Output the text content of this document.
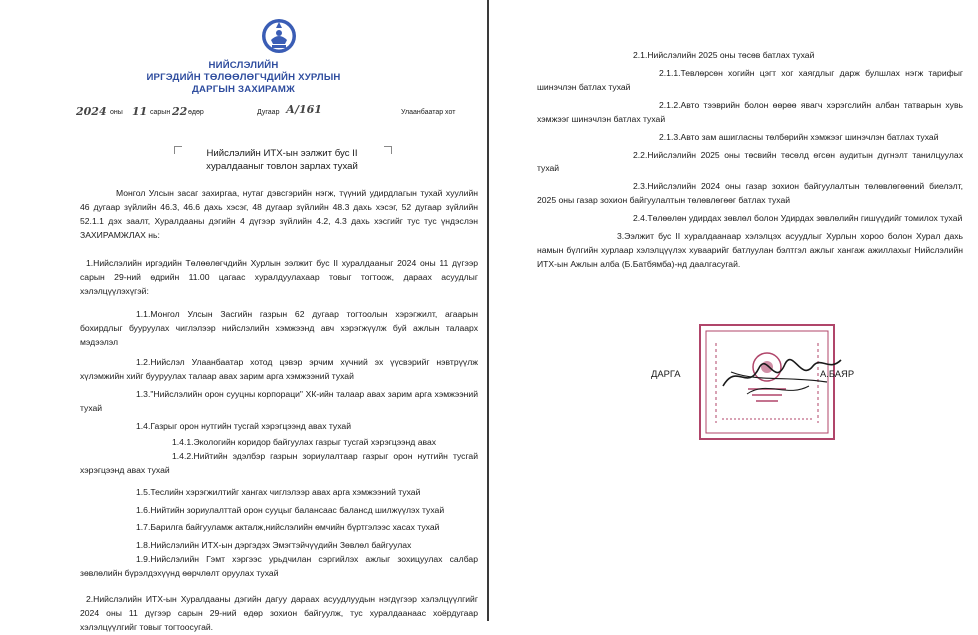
НИЙСЛЭЛИЙН
ИРГЭДИЙН ТӨЛӨӨЛӨГЧДИЙН ХУРЛЫН
ДАРГЫН ЗАХИРАМЖ
2024 оны 11 сарын 22 өдөр	Дугаар А/161	Улаанбаатар хот
Нийслэлийн ИТХ-ын ээлжит бус II
хуралдааныг товлон зарлах тухай
Монгол Улсын засаг захиргаа, нутаг дэвсгэрийн нэгж, түүний удирдлагын тухай хуулийн 46 дугаар зүйлийн 46.3, 46.6 дахь хэсэг, 48 дугаар зүйлийн 48.3 дахь хэсэг, 52 дугаар зүйлийн 52.1.1 дэх заалт, Хуралдааны дэгийн 4 дүгээр зүйлийн 4.2, 4.3 дахь хэсгийг тус тус үндэслэн ЗАХИРАМЖЛАХ нь:
1.Нийслэлийн иргэдийн Төлөөлөгчдийн Хурлын ээлжит бус II хуралдааныг 2024 оны 11 дүгээр сарын 29-ний өдрийн 11.00 цагаас хуралдуулахаар товыг тогтоож, дараах асуудлыг хэлэлцүүлэхүгэй:
1.1.Монгол Улсын Засгийн газрын 62 дугаар тогтоолын хэрэгжилт, агаарын бохирдлыг бууруулах чиглэлээр нийслэлийн хэмжээнд авч хэрэгжүүлж буй ажлын талаарх мэдээлэл
1.2.Нийслэл Улаанбаатар хотод цэвэр эрчим хүчний эх үүсвэрийг нэвтрүүлж хүлэмжийн хийг бууруулах талаар авах зарим арга хэмжээний тухай
1.3."Нийслэлийн орон сууцны корпораци" ХК-ийн талаар авах зарим арга хэмжээний тухай
1.4.Газрыг орон нутгийн тусгай хэрэгцээнд авах тухай
1.4.1.Экологийн коридор байгуулах газрыг тусгай хэрэгцээнд авах
1.4.2.Нийтийн эдэлбэр газрын зориулалтаар газрыг орон нутгийн тусгай хэрэгцээнд авах тухай
1.5.Теслийн хэрэгжилтийг хангах чиглэлээр авах арга хэмжээний тухай
1.6.Нийтийн зориулалттай орон сууцыг балансаас балансд шилжүүлэх тухай
1.7.Барилга байгууламж акталж,нийслэлийн өмчийн бүртгэлээс хасах тухай
1.8.Нийслэлийн ИТХ-ын дэргэдэх Эмэгтэйчүүдийн Зөвлөл байгуулах
1.9.Нийслэлийн Гэмт хэргээс урьдчилан сэргийлэх ажлыг зохицуулах салбар зөвлөлийн бүрэлдэхүүнд өөрчлөлт оруулах тухай
2.Нийслэлийн ИТХ-ын Хуралдааны дэгийн дагуу дараах асуудлуудын нэгдүгээр хэлэлцүүлгийг 2024 оны 11 дүгээр сарын 29-ний өдөр зохион байгуулж, тус хуралдаанаас хоёрдугаар хэлэлцүүлгийг товыг тогтоосугай.
2.1.Нийслэлийн 2025 оны төсөв батлах тухай
2.1.1.Тевлөрсөн хогийн цэгт хог хаягдлыг дарж булшлах нэгж тарифыг шинэчлэн батлах тухай
2.1.2.Авто тээврийн болон өөрөө явагч хэрэгслийн албан татварын хувь хэмжээг шинэчлэн батлах тухай
2.1.3.Авто зам ашигласны төлбөрийн хэмжээг шинэчлэн батлах тухай
2.2.Нийслэлийн 2025 оны төсвийн төсөлд өгсөн аудитын дүгнэлт танилцуулах тухай
2.3.Нийслэлийн 2024 оны газар зохион байгуулалтын төлөвлөгөөний биелэлт, 2025 оны газар зохион байгуулалтын төлөвлөгөөг батлах тухай
2.4.Төлөөлөн удирдах зөвлөл болон Удирдах зөвлөлийн гишүүдийг томилох тухай
3.Ээлжит бус II хуралдаанаар хэлэлцэх асуудлыг Хурлын хороо болон Хурал дахь намын бүлгийн хурлаар хэлэлцүүлэх хуваарийг батлуулан бэлтгэл ажлыг хангаж ажиллахыг Нийслэлийн ИТХ-ын Ажлын алба (Б.Батбямба)-нд даалгасугай.
ДАРГА	А.БАЯР
